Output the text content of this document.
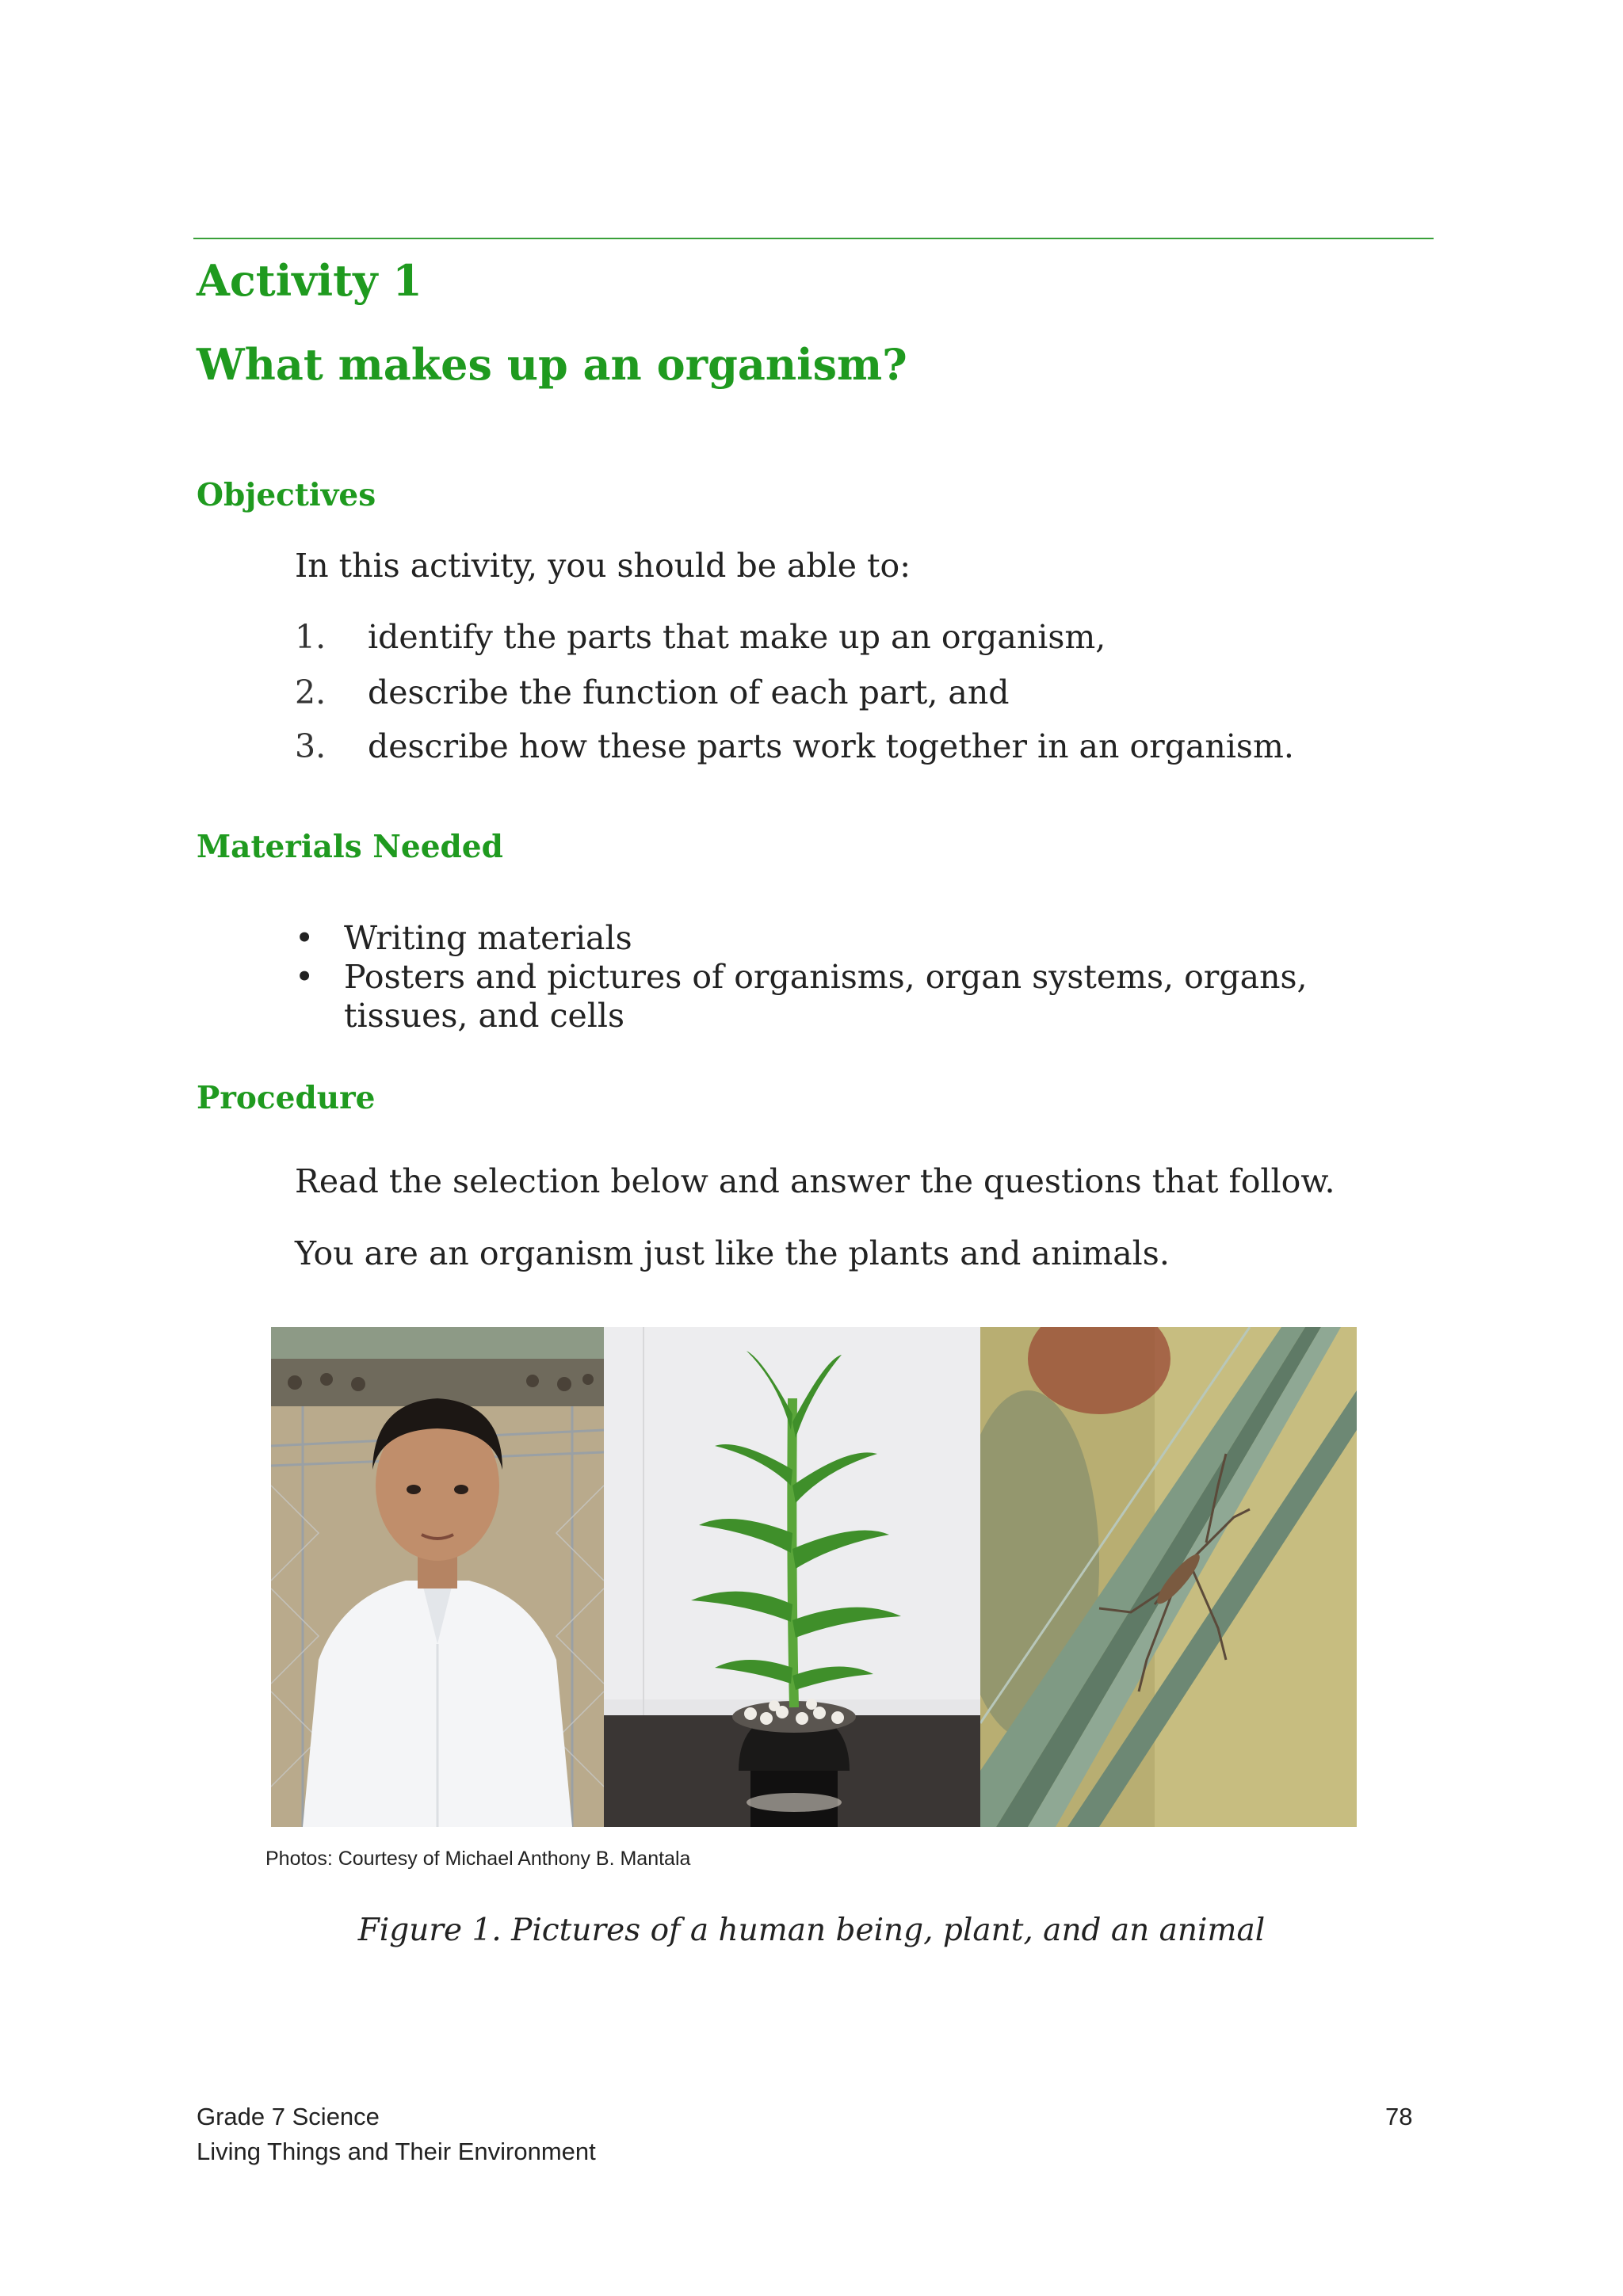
Activity 1
What makes up an organism?
Objectives

In this activity, you should be able to:

1. identify the parts that make up an organism,
2. describe the function of each part, and
3. describe how these parts work together in an organism.
Materials Needed
• Writing materials
• Posters and pictures of organisms, organ systems, organs, tissues, and cells
Procedure

Read the selection below and answer the questions that follow.

You are an organism just like the plants and animals.

Photos: Courtesy of Michael Anthony B. Mantala
Figure 1. Pictures of a human being, plant, and an animal
Grade 7 Science
Living Things and Their Environment
78
